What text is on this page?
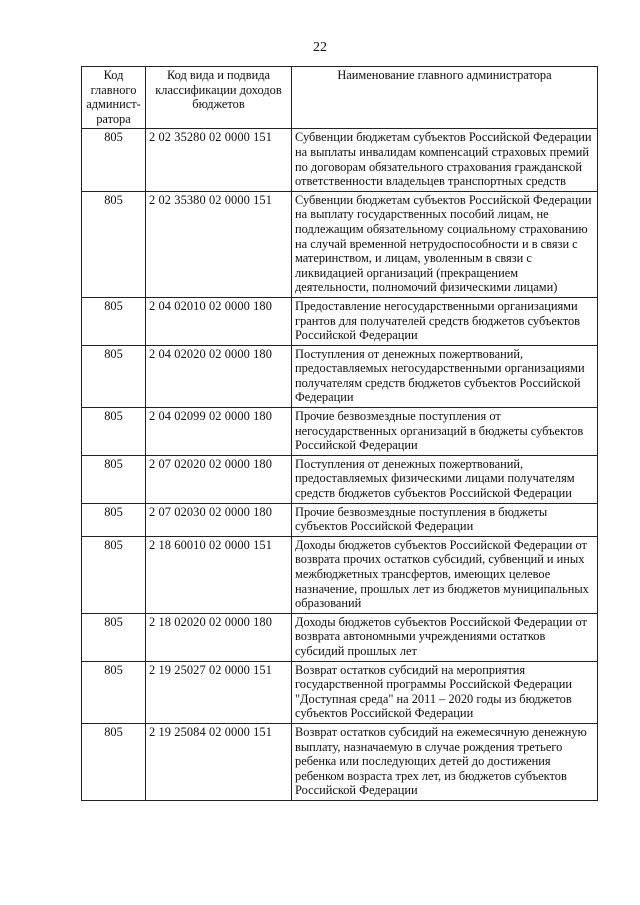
22
Код главного админист-ратора	Код вида и подвида классификации доходов бюджетов	Наименование главного администратора
805	2 02 35280 02 0000 151	Субвенции бюджетам субъектов Российской Федерации на выплаты инвалидам компенсаций страховых премий по договорам обязательного страхования гражданской ответственности владельцев транспортных средств
805	2 02 35380 02 0000 151	Субвенции бюджетам субъектов Российской Федерации на выплату государственных пособий лицам, не подлежащим обязательному социальному страхованию на случай временной нетрудоспособности и в связи с материнством, и лицам, уволенным в связи с ликвидацией организаций (прекращением деятельности, полномочий физическими лицами)
805	2 04 02010 02 0000 180	Предоставление негосударственными организациями грантов для получателей средств бюджетов субъектов Российской Федерации
805	2 04 02020 02 0000 180	Поступления от денежных пожертвований, предоставляемых негосударственными организациями получателям средств бюджетов субъектов Российской Федерации
805	2 04 02099 02 0000 180	Прочие безвозмездные поступления от негосударственных организаций в бюджеты субъектов Российской Федерации
805	2 07 02020 02 0000 180	Поступления от денежных пожертвований, предоставляемых физическими лицами получателям средств бюджетов субъектов Российской Федерации
805	2 07 02030 02 0000 180	Прочие безвозмездные поступления в бюджеты субъектов Российской Федерации
805	2 18 60010 02 0000 151	Доходы бюджетов субъектов Российской Федерации от возврата прочих остатков субсидий, субвенций и иных межбюджетных трансфертов, имеющих целевое назначение, прошлых лет из бюджетов муниципальных образований
805	2 18 02020 02 0000 180	Доходы бюджетов субъектов Российской Федерации от возврата автономными учреждениями остатков субсидий прошлых лет
805	2 19 25027 02 0000 151	Возврат остатков субсидий на мероприятия государственной программы Российской Федерации "Доступная среда" на 2011 – 2020 годы из бюджетов субъектов Российской Федерации
805	2 19 25084 02 0000 151	Возврат остатков субсидий на ежемесячную денежную выплату, назначаемую в случае рождения третьего ребенка или последующих детей до достижения ребенком возраста трех лет, из бюджетов субъектов Российской Федерации
